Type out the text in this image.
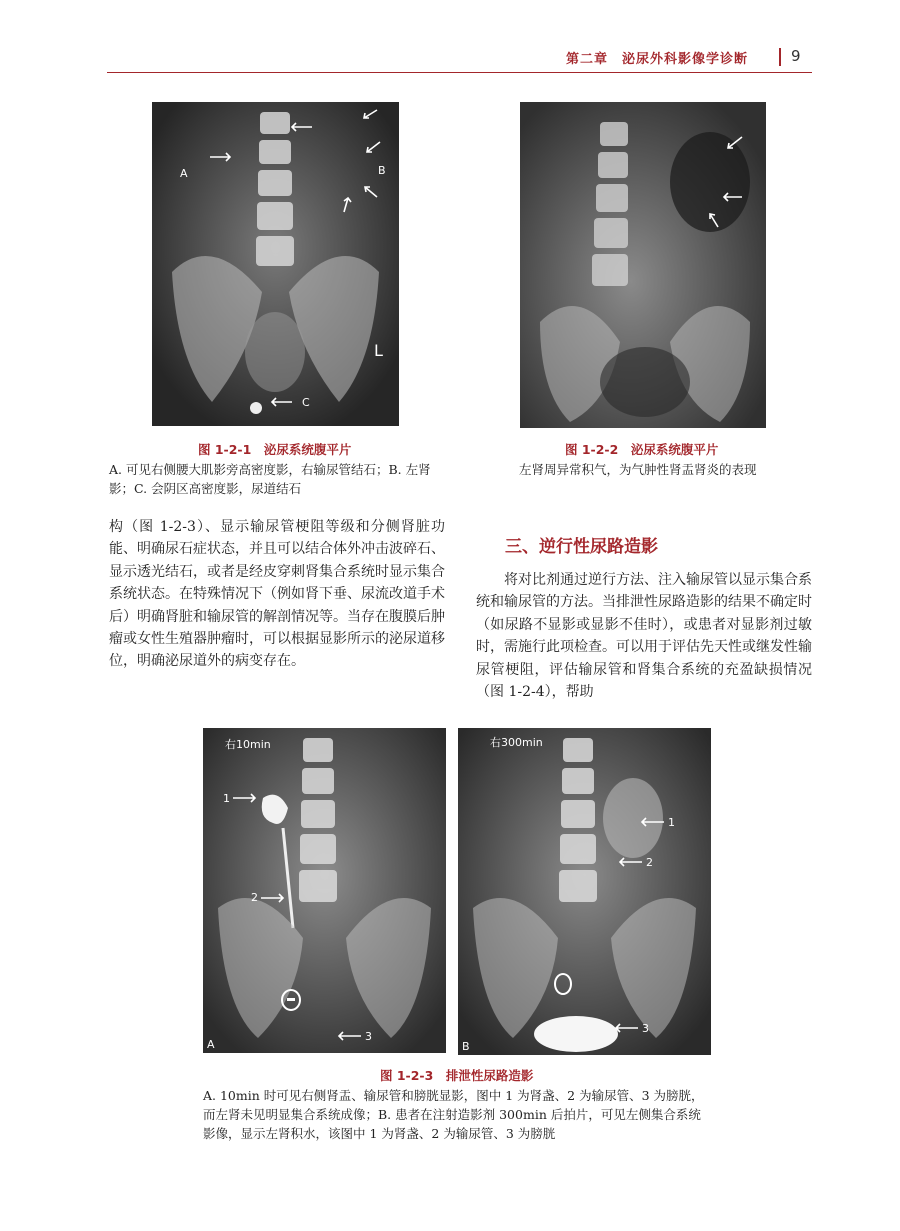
第二章　泌尿外科影像学诊断	9
A	B
C
L
图 1-2-1　泌尿系统腹平片
A. 可见右侧腰大肌影旁高密度影，右输尿管结石；B. 左肾影；C. 会阴区高密度影，尿道结石
图 1-2-2　泌尿系统腹平片
左肾周异常积气，为气肿性肾盂肾炎的表现
构（图 1-2-3）、显示输尿管梗阻等级和分侧肾脏功能、明确尿石症状态，并且可以结合体外冲击波碎石、显示透光结石，或者是经皮穿刺肾集合系统时显示集合系统状态。在特殊情况下（例如肾下垂、尿流改道手术后）明确肾脏和输尿管的解剖情况等。当存在腹膜后肿瘤或女性生殖器肿瘤时，可以根据显影所示的泌尿道移位，明确泌尿道外的病变存在。
三、逆行性尿路造影
将对比剂通过逆行方法、注入输尿管以显示集合系统和输尿管的方法。当排泄性尿路造影的结果不确定时（如尿路不显影或显影不佳时），或患者对显影剂过敏时，需施行此项检查。可以用于评估先天性或继发性输尿管梗阻，评估输尿管和肾集合系统的充盈缺损情况（图 1-2-4），帮助
右10min
1
2
3
A
右300min
1
2
3
B
图 1-2-3　排泄性尿路造影
A. 10min 时可见右侧肾盂、输尿管和膀胱显影，图中 1 为肾盏、2 为输尿管、3 为膀胱，而左肾未见明显集合系统成像；B. 患者在注射造影剂 300min 后拍片，可见左侧集合系统影像，显示左肾积水，该图中 1 为肾盏、2 为输尿管、3 为膀胱
